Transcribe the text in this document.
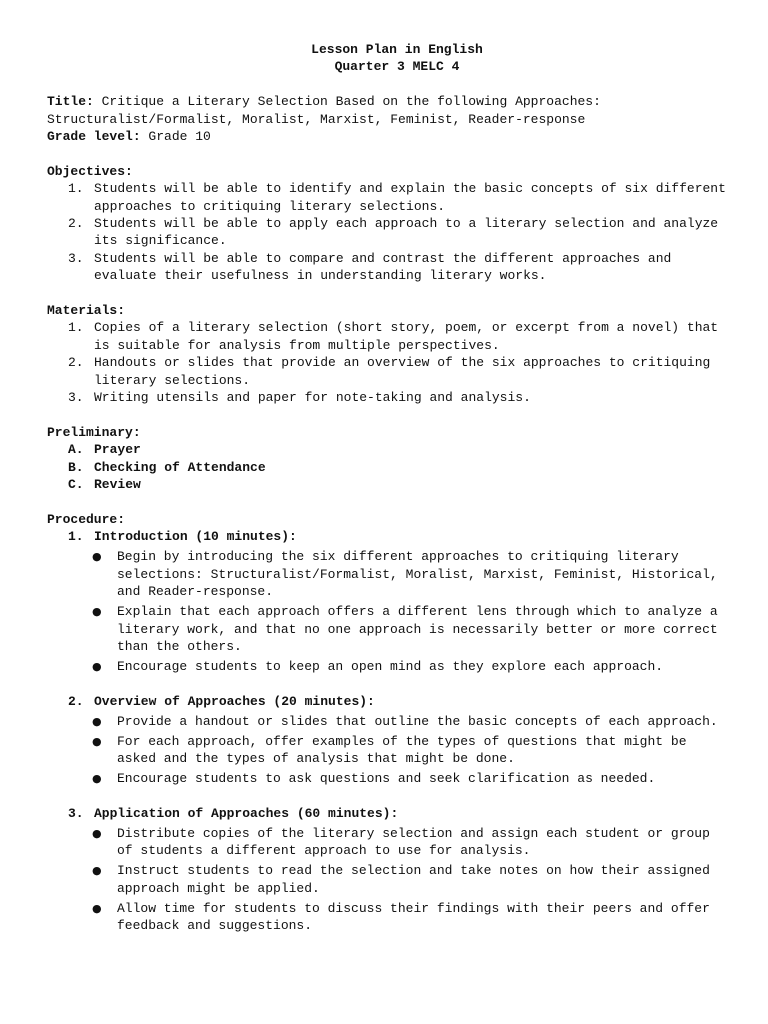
Lesson Plan in English

Quarter 3 MELC 4

Title: Critique a Literary Selection Based on the following Approaches: Structuralist/Formalist, Moralist, Marxist, Feminist, Reader-response

Grade level: Grade 10

Objectives:

1. Students will be able to identify and explain the basic concepts of six different approaches to critiquing literary selections.
2. Students will be able to apply each approach to a literary selection and analyze its significance.
3. Students will be able to compare and contrast the different approaches and evaluate their usefulness in understanding literary works.

Materials:

1. Copies of a literary selection (short story, poem, or excerpt from a novel) that is suitable for analysis from multiple perspectives.
2. Handouts or slides that provide an overview of the six approaches to critiquing literary selections.
3. Writing utensils and paper for note-taking and analysis.

Preliminary:

A. Prayer
B. Checking of Attendance
C. Review

Procedure:

1. Introduction (10 minutes):
● Begin by introducing the six different approaches to critiquing literary selections: Structuralist/Formalist, Moralist, Marxist, Feminist, Historical, and Reader-response.
● Explain that each approach offers a different lens through which to analyze a literary work, and that no one approach is necessarily better or more correct than the others.
● Encourage students to keep an open mind as they explore each approach.
2. Overview of Approaches (20 minutes):
● Provide a handout or slides that outline the basic concepts of each approach.
● For each approach, offer examples of the types of questions that might be asked and the types of analysis that might be done.
● Encourage students to ask questions and seek clarification as needed.
3. Application of Approaches (60 minutes):
● Distribute copies of the literary selection and assign each student or group of students a different approach to use for analysis.
● Instruct students to read the selection and take notes on how their assigned approach might be applied.
● Allow time for students to discuss their findings with their peers and offer feedback and suggestions.
